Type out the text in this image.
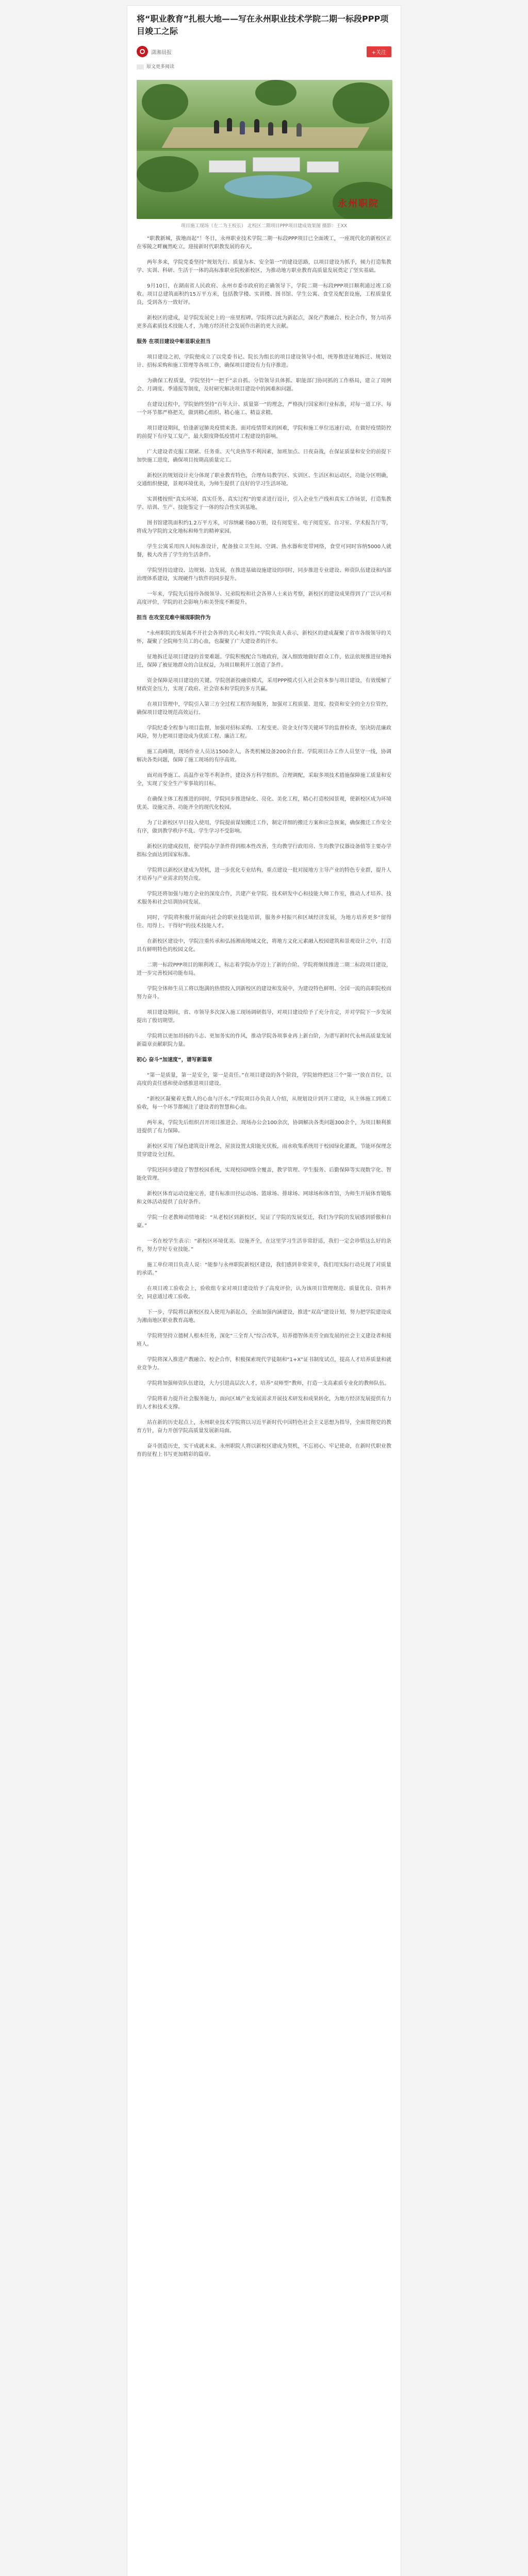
将“职业教育”扎根大地——写在永州职业技术学院二期一标段PPP项目竣工之际
潇湘晨报	+关注
原文更多阅读
永州职院
项目施工现场（左二为王校长） 北校区二期项目PPP项目建成效果图 摄影：王XX

“职教新城，拔地而起”！冬日，永州职业技术学院二期一标段PPP项目已全面竣工，一座现代化的新校区正在零陵之畔巍然屹立，迎接新时代职教发展的春天。

两年多来，学院党委坚持“规划先行、质量为本、安全第一”的建设思路，以项目建设为抓手，倾力打造集教学、实训、科研、生活于一体的高标准职业院校新校区，为推动地方职业教育高质量发展奠定了坚实基础。

9月10日，在湖南省人民政府、永州市委市政府的正确领导下，学院二期一标段PPP项目顺利通过竣工验收。项目总建筑面积约15万平方米，包括教学楼、实训楼、图书馆、学生公寓、食堂及配套设施，工程质量优良，受到各方一致好评。

新校区的建成，是学院发展史上的一座里程碑。学院将以此为新起点，深化产教融合、校企合作，努力培养更多高素质技术技能人才，为地方经济社会发展作出新的更大贡献。

服务 在项目建设中彰显职业担当

项目建设之初，学院便成立了以党委书记、院长为组长的项目建设领导小组，统筹推进征地拆迁、规划设计、招标采购和施工管理等各项工作，确保项目建设有力有序推进。

为确保工程质量，学院坚持“一把手”亲自抓、分管领导具体抓、职能部门协同抓的工作格局，建立了周例会、月调度、季通报等制度，及时研究解决项目建设中的困难和问题。

在建设过程中，学院始终坚持“百年大计、质量第一”的理念，严格执行国家和行业标准，对每一道工序、每一个环节都严格把关，做到精心组织、精心施工、精益求精。

项目建设期间，恰逢新冠肺炎疫情来袭。面对疫情带来的困难，学院和施工单位迅速行动，在做好疫情防控的前提下有序复工复产，最大限度降低疫情对工程建设的影响。

广大建设者克服工期紧、任务重、天气炎热等不利因素，加班加点、日夜奋战，在保证质量和安全的前提下加快施工进度，确保项目按期高质量完工。

新校区的规划设计充分体现了职业教育特色，合理布局教学区、实训区、生活区和运动区，功能分区明确，交通组织便捷，景观环境优美，为师生提供了良好的学习生活环境。

实训楼按照“真实环境、真实任务、真实过程”的要求进行设计，引入企业生产线和真实工作场景，打造集教学、培训、生产、技能鉴定于一体的综合性实训基地。

图书馆建筑面积约1.2万平方米，可容纳藏书80万册，设有阅览室、电子阅览室、自习室、学术报告厅等，将成为学院的文化地标和师生的精神家园。

学生公寓采用四人间标准设计，配备独立卫生间、空调、热水器和宽带网络，食堂可同时容纳5000人就餐，极大改善了学生的生活条件。

学院坚持边建设、边规划、边发展，在推进基础设施建设的同时，同步推进专业建设、师资队伍建设和内部治理体系建设，实现硬件与软件的同步提升。

一年来，学院先后接待各级领导、兄弟院校和社会各界人士来访考察，新校区的建设成果得到了广泛认可和高度评价，学院的社会影响力和美誉度不断提升。

担当 在攻坚克难中展现职院作为

“永州职院的发展离不开社会各界的关心和支持。”学院负责人表示，新校区的建成凝聚了省市各级领导的关怀，凝聚了全院师生员工的心血，也凝聚了广大建设者的汗水。

征地拆迁是项目建设的首要难题。学院积极配合当地政府，深入细致地做好群众工作，依法依规推进征地拆迁，保障了被征地群众的合法权益，为项目顺利开工创造了条件。

资金保障是项目建设的关键。学院创新投融资模式，采用PPP模式引入社会资本参与项目建设，有效缓解了财政资金压力，实现了政府、社会资本和学院的多方共赢。

在项目管理中，学院引入第三方全过程工程咨询服务，加强对工程质量、进度、投资和安全的全方位管控，确保项目建设规范高效运行。

学院纪委全程参与项目监督，加强对招标采购、工程变更、资金支付等关键环节的监督检查，坚决防范廉政风险，努力把项目建设成为优质工程、廉洁工程。

施工高峰期，现场作业人员达1500余人，各类机械设备200余台套。学院项目办工作人员坚守一线，协调解决各类问题，保障了施工现场的有序高效。

面对雨季施工、高温作业等不利条件，建设各方科学组织、合理调配，采取多项技术措施保障施工质量和安全，实现了安全生产零事故的目标。

在确保主体工程推进的同时，学院同步推进绿化、亮化、美化工程，精心打造校园景观，使新校区成为环境优美、设施完善、功能齐全的现代化校园。

为了让新校区早日投入使用，学院提前谋划搬迁工作，制定详细的搬迁方案和应急预案，确保搬迁工作安全有序，做到教学秩序不乱、学生学习不受影响。

新校区的建成投用，使学院办学条件得到根本性改善，生均教学行政用房、生均教学仪器设备值等主要办学指标全面达到国家标准。

学院将以新校区建成为契机，进一步优化专业结构，重点建设一批对接地方主导产业的特色专业群，提升人才培养与产业需求的契合度。

学院还将加强与地方企业的深度合作，共建产业学院、技术研发中心和技能大师工作室，推动人才培养、技术服务和社会培训协同发展。

同时，学院将积极开展面向社会的职业技能培训，服务乡村振兴和区域经济发展，为地方培养更多“留得住、用得上、干得好”的技术技能人才。

在新校区建设中，学院注重传承和弘扬湘南地域文化，将地方文化元素融入校园建筑和景观设计之中，打造具有鲜明特色的校园文化。

二期一标段PPP项目的顺利竣工，标志着学院办学迈上了新的台阶。学院将继续推进二期二标段项目建设，进一步完善校园功能布局。

学院全体师生员工将以饱满的热情投入到新校区的建设和发展中，为建设特色鲜明、全国一流的高职院校而努力奋斗。

项目建设期间，省、市领导多次深入施工现场调研指导，对项目建设给予了充分肯定，并对学院下一步发展提出了殷切期望。

学院将以更加昂扬的斗志、更加务实的作风，推动学院各项事业再上新台阶，为谱写新时代永州高质量发展新篇章贡献职院力量。

初心 奋斗“加速度”，谱写新篇章

“第一是质量，第一是安全，第一是责任。”在项目建设的各个阶段，学院始终把这三个“第一”放在首位，以高度的责任感和使命感推进项目建设。

“新校区凝聚着无数人的心血与汗水。”学院项目办负责人介绍，从规划设计到开工建设，从主体施工到竣工验收，每一个环节都倾注了建设者的智慧和心血。

两年来，学院先后组织召开项目推进会、现场办公会100余次，协调解决各类问题300余个，为项目顺利推进提供了有力保障。

新校区采用了绿色建筑设计理念，屋顶设置太阳能光伏板，雨水收集系统用于校园绿化灌溉，节能环保理念贯穿建设全过程。

学院还同步建设了智慧校园系统，实现校园网络全覆盖，教学管理、学生服务、后勤保障等实现数字化、智能化管理。

新校区体育运动设施完善，建有标准田径运动场、篮球场、排球场、网球场和体育馆，为师生开展体育锻炼和文体活动提供了良好条件。

学院一位老教师动情地说：“从老校区到新校区，见证了学院的发展变迁，我们为学院的发展感到骄傲和自豪。”

一名在校学生表示：“新校区环境优美、设施齐全，在这里学习生活非常舒适，我们一定会珍惜这么好的条件，努力学好专业技能。”

施工单位项目负责人说：“能参与永州职院新校区建设，我们感到非常荣幸，我们用实际行动兑现了对质量的承诺。”

在项目竣工验收会上，验收组专家对项目建设给予了高度评价，认为该项目管理规范、质量优良、资料齐全，同意通过竣工验收。

下一步，学院将以新校区投入使用为新起点，全面加强内涵建设，推进“双高”建设计划，努力把学院建设成为湘南地区职业教育高地。

学院将坚持立德树人根本任务，深化“三全育人”综合改革，培养德智体美劳全面发展的社会主义建设者和接班人。

学院将深入推进产教融合、校企合作，积极探索现代学徒制和“1+X”证书制度试点，提高人才培养质量和就业竞争力。

学院将加强师资队伍建设，大力引进高层次人才，培养“双师型”教师，打造一支高素质专业化的教师队伍。

学院将着力提升社会服务能力，面向区域产业发展需求开展技术研发和成果转化，为地方经济发展提供有力的人才和技术支撑。

站在新的历史起点上，永州职业技术学院将以习近平新时代中国特色社会主义思想为指导，全面贯彻党的教育方针，奋力开创学院高质量发展新局面。

奋斗创造历史，实干成就未来。永州职院人将以新校区建成为契机，不忘初心、牢记使命，在新时代职业教育的征程上书写更加精彩的篇章。
